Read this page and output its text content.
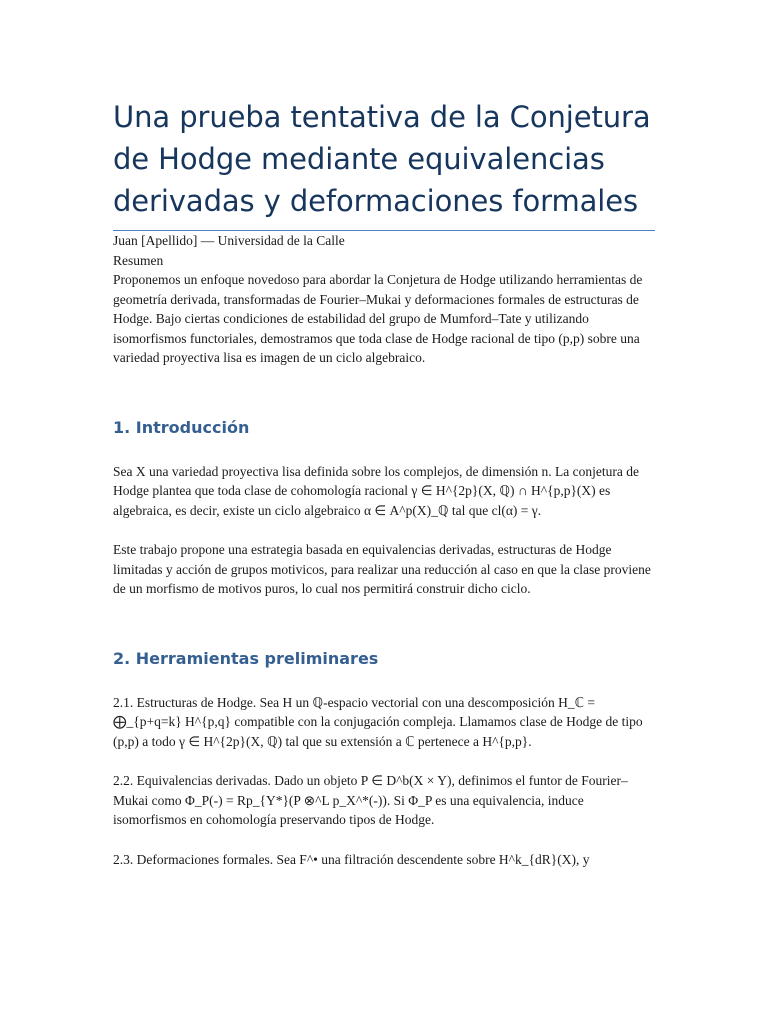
Una prueba tentativa de la Conjetura de Hodge mediante equivalencias derivadas y deformaciones formales

Juan [Apellido] — Universidad de la Calle

Resumen

Proponemos un enfoque novedoso para abordar la Conjetura de Hodge utilizando herramientas de geometría derivada, transformadas de Fourier–Mukai y deformaciones formales de estructuras de Hodge. Bajo ciertas condiciones de estabilidad del grupo de Mumford–Tate y utilizando isomorfismos functoriales, demostramos que toda clase de Hodge racional de tipo (p,p) sobre una variedad proyectiva lisa es imagen de un ciclo algebraico.

1. Introducción

Sea X una variedad proyectiva lisa definida sobre los complejos, de dimensión n. La conjetura de Hodge plantea que toda clase de cohomología racional γ ∈ H^{2p}(X, ℚ) ∩ H^{p,p}(X) es algebraica, es decir, existe un ciclo algebraico α ∈ A^p(X)_ℚ tal que cl(α) = γ.

Este trabajo propone una estrategia basada en equivalencias derivadas, estructuras de Hodge limitadas y acción de grupos motivicos, para realizar una reducción al caso en que la clase proviene de un morfismo de motivos puros, lo cual nos permitirá construir dicho ciclo.

2. Herramientas preliminares

2.1. Estructuras de Hodge. Sea H un ℚ-espacio vectorial con una descomposición H_ℂ = ⨁_{p+q=k} H^{p,q} compatible con la conjugación compleja. Llamamos clase de Hodge de tipo (p,p) a todo γ ∈ H^{2p}(X, ℚ) tal que su extensión a ℂ pertenece a H^{p,p}.

2.2. Equivalencias derivadas. Dado un objeto P ∈ D^b(X × Y), definimos el funtor de Fourier–Mukai como Φ_P(-) = Rp_{Y*}(P ⊗^L p_X^*(-)). Si Φ_P es una equivalencia, induce isomorfismos en cohomología preservando tipos de Hodge.

2.3. Deformaciones formales. Sea F^• una filtración descendente sobre H^k_{dR}(X), y
